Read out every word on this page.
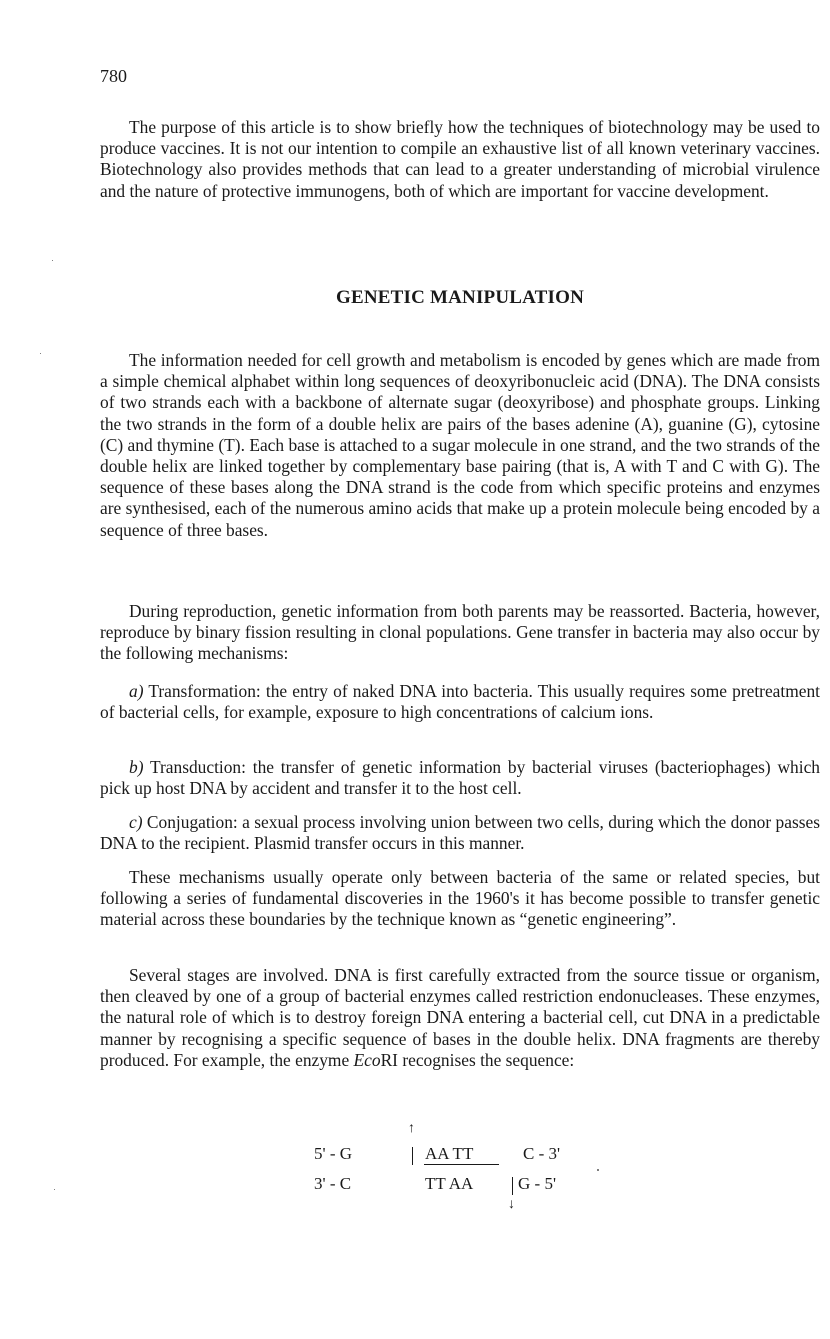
780

The purpose of this article is to show briefly how the techniques of biotechnology may be used to produce vaccines. It is not our intention to compile an exhaustive list of all known veterinary vaccines. Biotechnology also provides methods that can lead to a greater understanding of microbial virulence and the nature of protective immunogens, both of which are important for vaccine development.

GENETIC MANIPULATION

The information needed for cell growth and metabolism is encoded by genes which are made from a simple chemical alphabet within long sequences of deoxyribonucleic acid (DNA). The DNA consists of two strands each with a backbone of alternate sugar (deoxyribose) and phosphate groups. Linking the two strands in the form of a double helix are pairs of the bases adenine (A), guanine (G), cytosine (C) and thymine (T). Each base is attached to a sugar molecule in one strand, and the two strands of the double helix are linked together by complementary base pairing (that is, A with T and C with G). The sequence of these bases along the DNA strand is the code from which specific proteins and enzymes are synthesised, each of the numerous amino acids that make up a protein molecule being encoded by a sequence of three bases.

During reproduction, genetic information from both parents may be reassorted. Bacteria, however, reproduce by binary fission resulting in clonal populations. Gene transfer in bacteria may also occur by the following mechanisms:

a) Transformation: the entry of naked DNA into bacteria. This usually requires some pretreatment of bacterial cells, for example, exposure to high concentrations of calcium ions.

b) Transduction: the transfer of genetic information by bacterial viruses (bacteriophages) which pick up host DNA by accident and transfer it to the host cell.

c) Conjugation: a sexual process involving union between two cells, during which the donor passes DNA to the recipient. Plasmid transfer occurs in this manner.

These mechanisms usually operate only between bacteria of the same or related species, but following a series of fundamental discoveries in the 1960's it has become possible to transfer genetic material across these boundaries by the technique known as “genetic engineering”.

Several stages are involved. DNA is first carefully extracted from the source tissue or organism, then cleaved by one of a group of bacterial enzymes called restriction endonucleases. These enzymes, the natural role of which is to destroy foreign DNA entering a bacterial cell, cut DNA in a predictable manner by recognising a specific sequence of bases in the double helix. DNA fragments are thereby produced. For example, the enzyme EcoRI recognises the sequence:

↑
5' - G	AA TT	C - 3'
3' - C	TT AA	G - 5'
↓
